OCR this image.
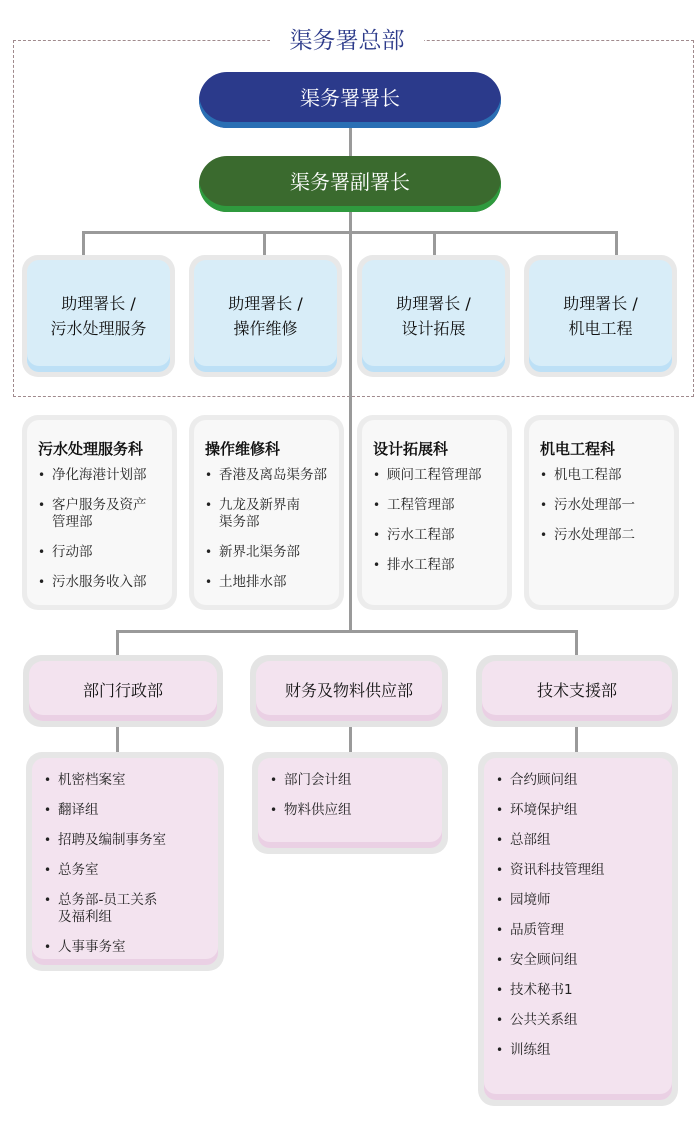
渠务署总部
渠务署署长
渠务署副署长
助理署长 /
污水处理服务
助理署长 /
操作维修
助理署长 /
设计拓展
助理署长 /
机电工程
污水处理服务科
• 净化海港计划部
• 客户服务及资产
管理部
• 行动部
• 污水服务收入部
操作维修科
• 香港及离岛渠务部
• 九龙及新界南
渠务部
• 新界北渠务部
• 土地排水部
设计拓展科
• 顾问工程管理部
• 工程管理部
• 污水工程部
• 排水工程部
机电工程科
• 机电工程部
• 污水处理部一
• 污水处理部二
部门行政部	财务及物料供应部	技术支援部
• 机密档案室
• 翻译组
• 招聘及编制事务室
• 总务室
• 总务部-员工关系
及福利组
• 人事事务室
• 部门会计组
• 物料供应组
• 合约顾问组
• 环境保护组
• 总部组
• 资讯科技管理组
• 园境师
• 品质管理
• 安全顾问组
• 技术秘书1
• 公共关系组
• 训练组
